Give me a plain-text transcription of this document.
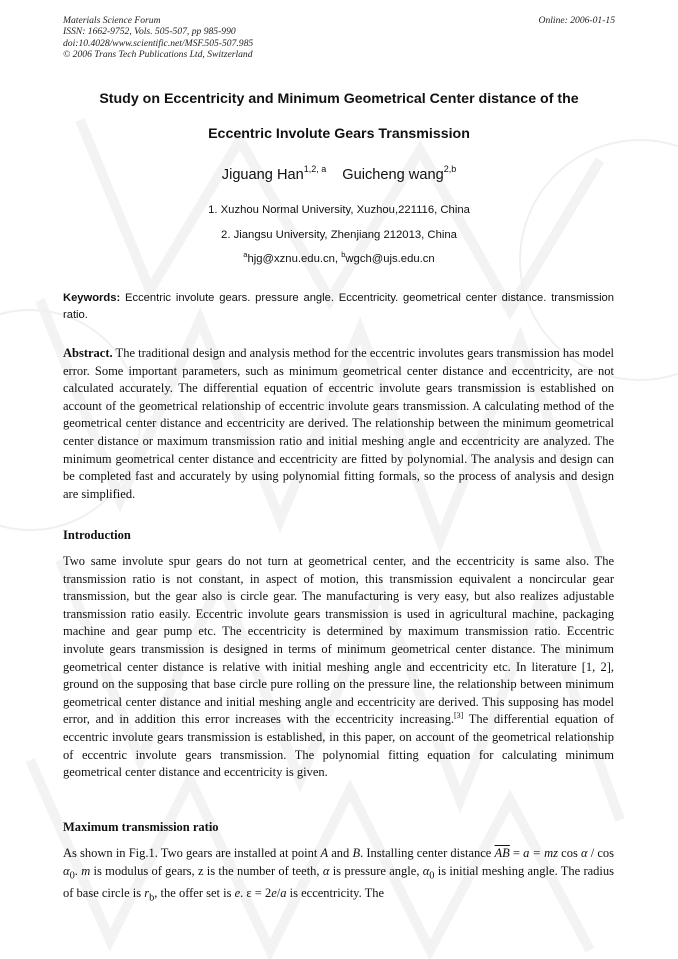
Materials Science Forum
ISSN: 1662-9752, Vols. 505-507, pp 985-990
doi:10.4028/www.scientific.net/MSF.505-507.985
© 2006 Trans Tech Publications Ltd, Switzerland
Online: 2006-01-15
Study on Eccentricity and Minimum Geometrical Center distance of the
Eccentric Involute Gears Transmission
Jiguang Han$^{1,2, a}$ Guicheng wang$^{2,b}$
1. Xuzhou Normal University, Xuzhou,221116, China
2. Jiangsu University, Zhenjiang 212013, China
$^a$hjg@xznu.edu.cn, $^b$wgch@ujs.edu.cn
Keywords: Eccentric involute gears. pressure angle. Eccentricity. geometrical center distance. transmission ratio.

Abstract. The traditional design and analysis method for the eccentric involutes gears transmission has model error. Some important parameters, such as minimum geometrical center distance and eccentricity, are not calculated accurately. The differential equation of eccentric involute gears transmission is established on account of the geometrical relationship of eccentric involute gears transmission. A calculating method of the geometrical center distance and eccentricity are derived. The relationship between the minimum geometrical center distance or maximum transmission ratio and initial meshing angle and eccentricity are analyzed. The minimum geometrical center distance and eccentricity are fitted by polynomial. The analysis and design can be completed fast and accurately by using polynomial fitting formals, so the process of analysis and design are simplified.

Introduction

Two same involute spur gears do not turn at geometrical center, and the eccentricity is same also. The transmission ratio is not constant, in aspect of motion, this transmission equivalent a noncircular gear transmission, but the gear also is circle gear. The manufacturing is very easy, but also realizes adjustable transmission ratio easily. Eccentric involute gears transmission is used in agricultural machine, packaging machine and gear pump etc. The eccentricity is determined by maximum transmission ratio. Eccentric involute gears transmission is designed in terms of minimum geometrical center distance. The minimum geometrical center distance is relative with initial meshing angle and eccentricity etc. In literature [1, 2], ground on the supposing that base circle pure rolling on the pressure line, the relationship between minimum geometrical center distance and initial meshing angle and eccentricity are derived. This supposing has model error, and in addition this error increases with the eccentricity increasing.[3] The differential equation of eccentric involute gears transmission is established, in this paper, on account of the geometrical relationship of eccentric involute gears transmission. The polynomial fitting equation for calculating minimum geometrical center distance and eccentricity is given.

Maximum transmission ratio

As shown in Fig.1. Two gears are installed at point A and B. Installing center distance $\overline{AB} = a$ = mz cos α / $\cos \alpha_0$. m is modulus of gears, z is the number of teeth, α is pressure angle, $\alpha_0$ is initial meshing angle. The radius of base circle is $r_b$, the offer set is e. ε = 2e/a is eccentricity. The
